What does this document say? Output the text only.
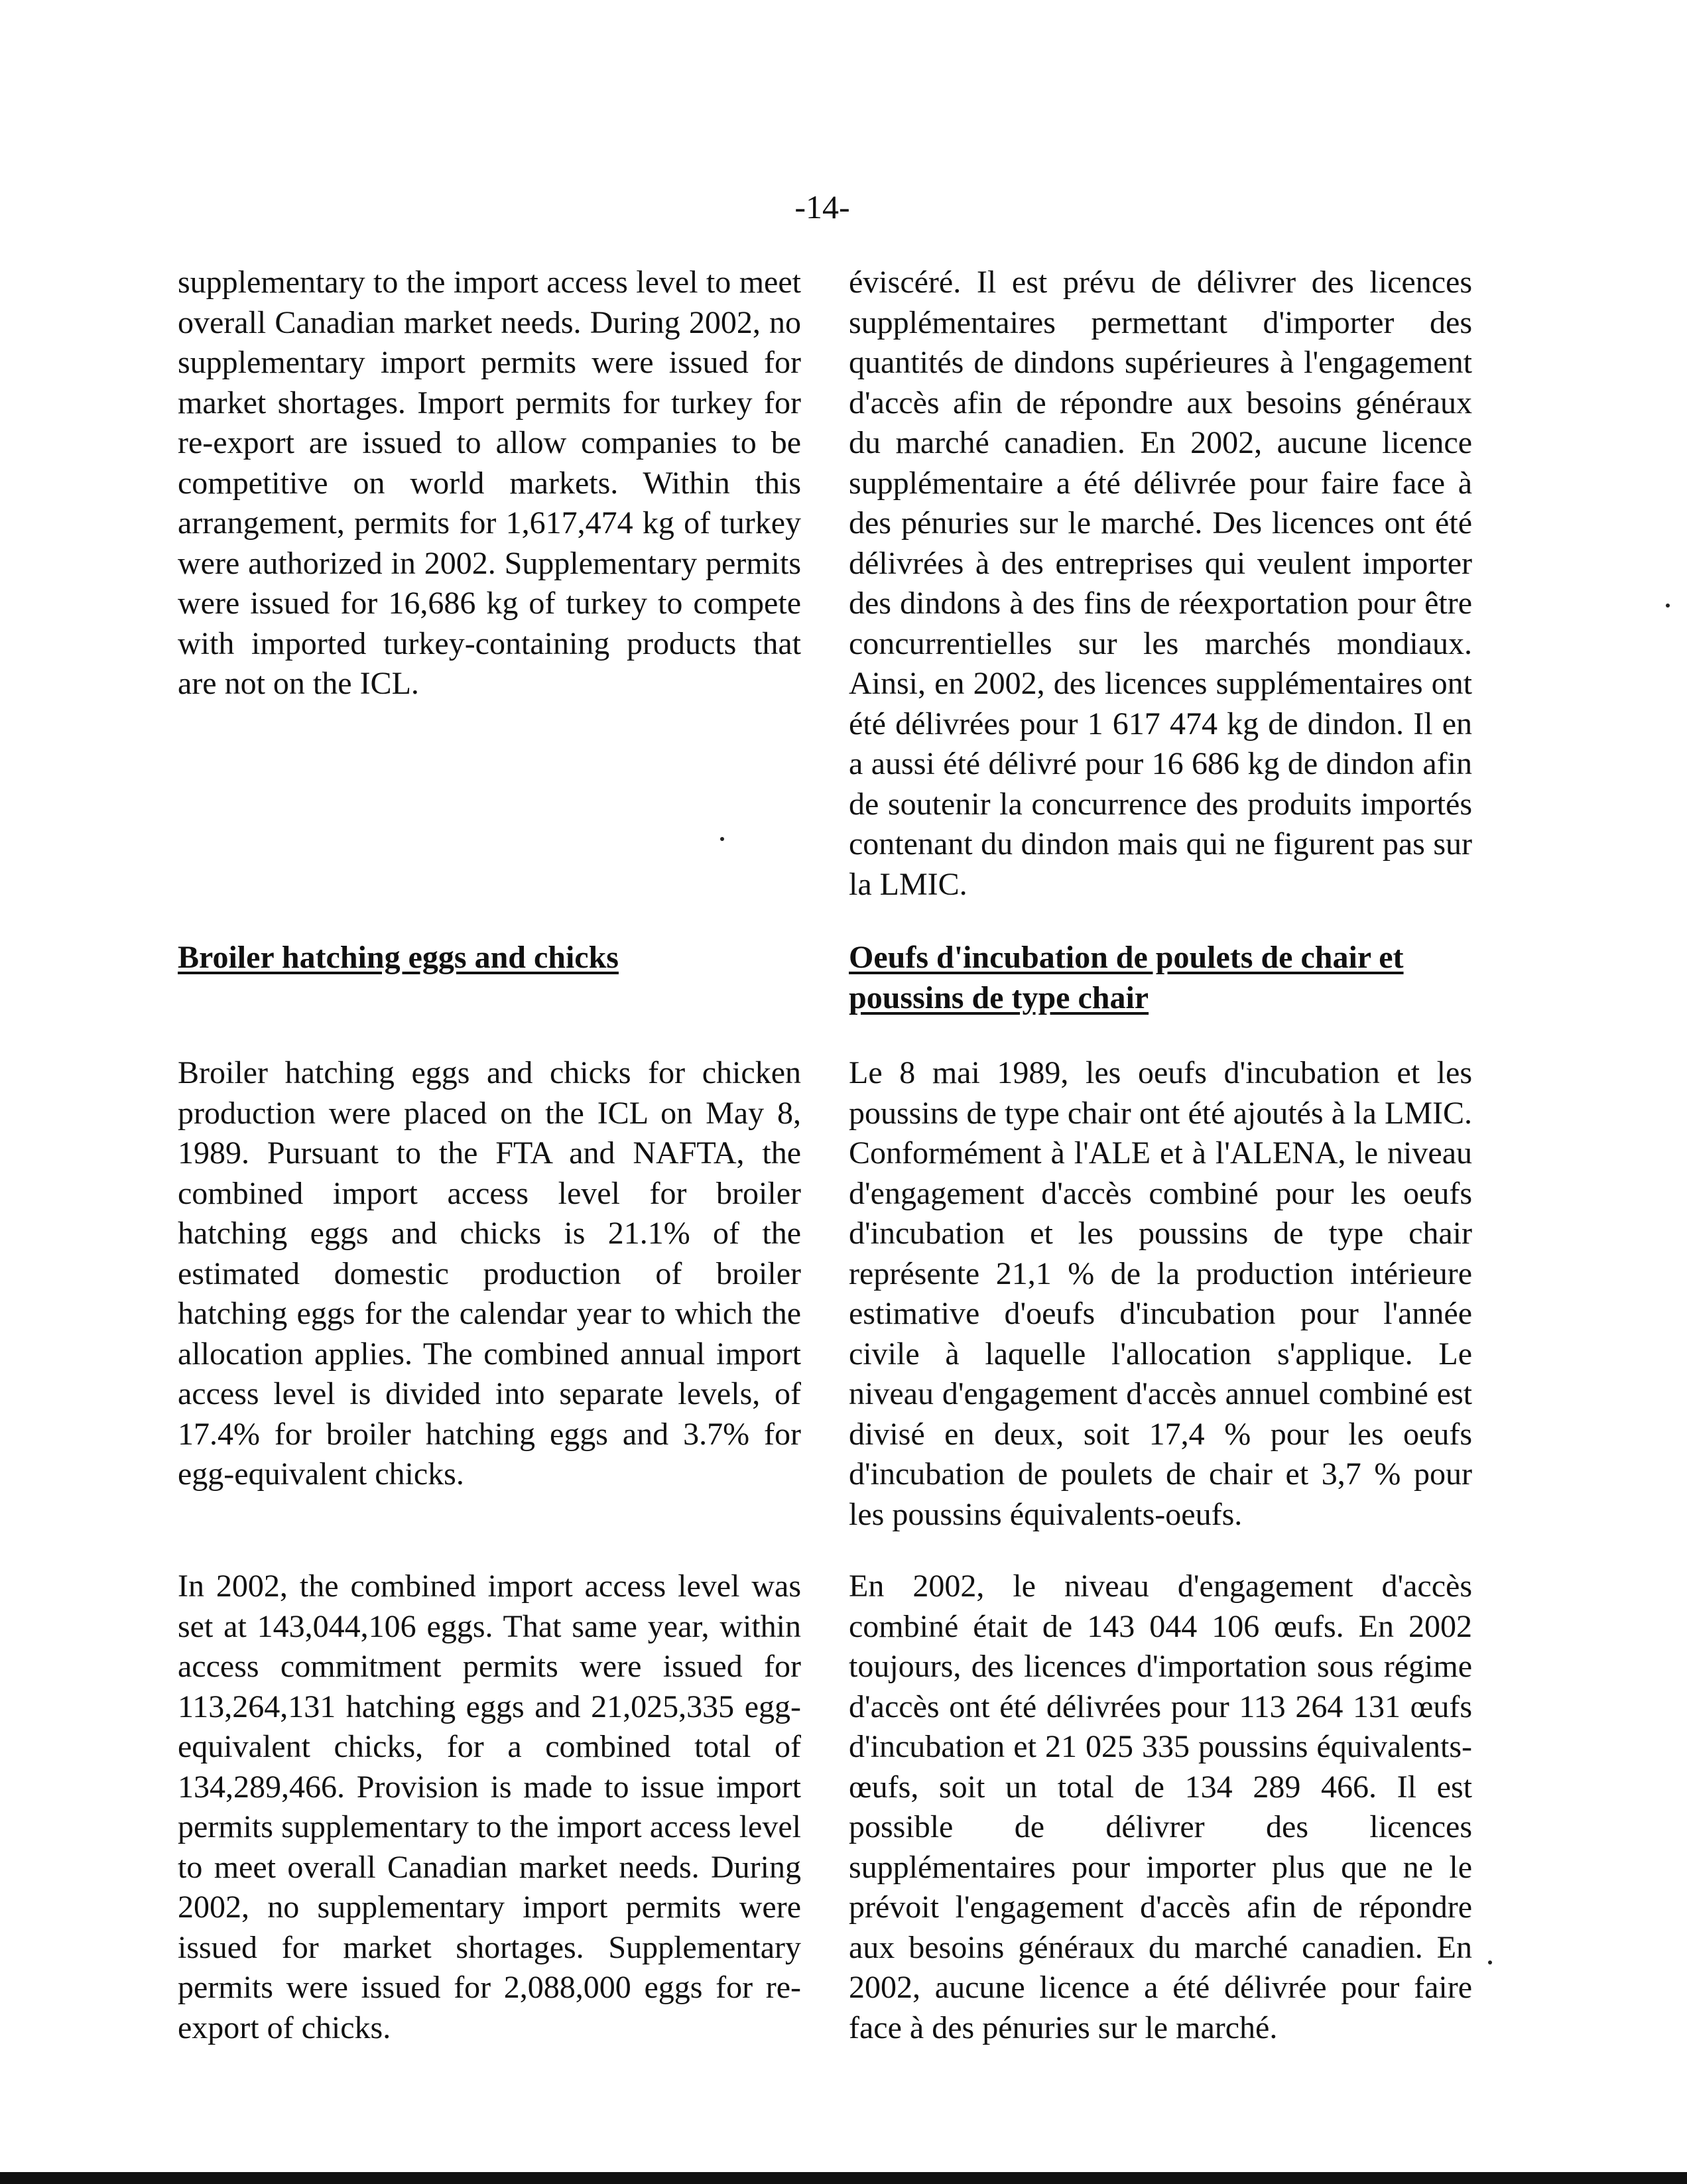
-14-

supplementary to the import access level to meet overall Canadian market needs. During 2002, no supplementary import permits were issued for market shortages. Import permits for turkey for re-export are issued to allow companies to be competitive on world markets. Within this arrangement, permits for 1,617,474 kg of turkey were authorized in 2002. Supplementary permits were issued for 16,686 kg of turkey to compete with imported turkey-containing products that are not on the ICL.

Broiler hatching eggs and chicks

Broiler hatching eggs and chicks for chicken production were placed on the ICL on May 8, 1989. Pursuant to the FTA and NAFTA, the combined import access level for broiler hatching eggs and chicks is 21.1% of the estimated domestic production of broiler hatching eggs for the calendar year to which the allocation applies. The combined annual import access level is divided into separate levels, of 17.4% for broiler hatching eggs and 3.7% for egg-equivalent chicks.

In 2002, the combined import access level was set at 143,044,106 eggs. That same year, within access commitment permits were issued for 113,264,131 hatching eggs and 21,025,335 egg-equivalent chicks, for a combined total of 134,289,466. Provision is made to issue import permits supplementary to the import access level to meet overall Canadian market needs. During 2002, no supplementary import permits were issued for market shortages. Supplementary permits were issued for 2,088,000 eggs for re-export of chicks.

éviscéré. Il est prévu de délivrer des licences supplémentaires permettant d'importer des quantités de dindons supérieures à l'engagement d'accès afin de répondre aux besoins généraux du marché canadien. En 2002, aucune licence supplémentaire a été délivrée pour faire face à des pénuries sur le marché. Des licences ont été délivrées à des entreprises qui veulent importer des dindons à des fins de réexportation pour être concurrentielles sur les marchés mondiaux. Ainsi, en 2002, des licences supplémentaires ont été délivrées pour 1 617 474 kg de dindon. Il en a aussi été délivré pour 16 686 kg de dindon afin de soutenir la concurrence des produits importés contenant du dindon mais qui ne figurent pas sur la LMIC.

Oeufs d'incubation de poulets de chair et poussins de type chair

Le 8 mai 1989, les oeufs d'incubation et les poussins de type chair ont été ajoutés à la LMIC. Conformément à l'ALE et à l'ALENA, le niveau d'engagement d'accès combiné pour les oeufs d'incubation et les poussins de type chair représente 21,1 % de la production intérieure estimative d'oeufs d'incubation pour l'année civile à laquelle l'allocation s'applique. Le niveau d'engagement d'accès annuel combiné est divisé en deux, soit 17,4 % pour les oeufs d'incubation de poulets de chair et 3,7 % pour les poussins équivalents-oeufs.

En 2002, le niveau d'engagement d'accès combiné était de 143 044 106 œufs. En 2002 toujours, des licences d'importation sous régime d'accès ont été délivrées pour 113 264 131 œufs d'incubation et 21 025 335 poussins équivalents-œufs, soit un total de 134 289 466. Il est possible de délivrer des licences supplémentaires pour importer plus que ne le prévoit l'engagement d'accès afin de répondre aux besoins généraux du marché canadien. En 2002, aucune licence a été délivrée pour faire face à des pénuries sur le marché.
